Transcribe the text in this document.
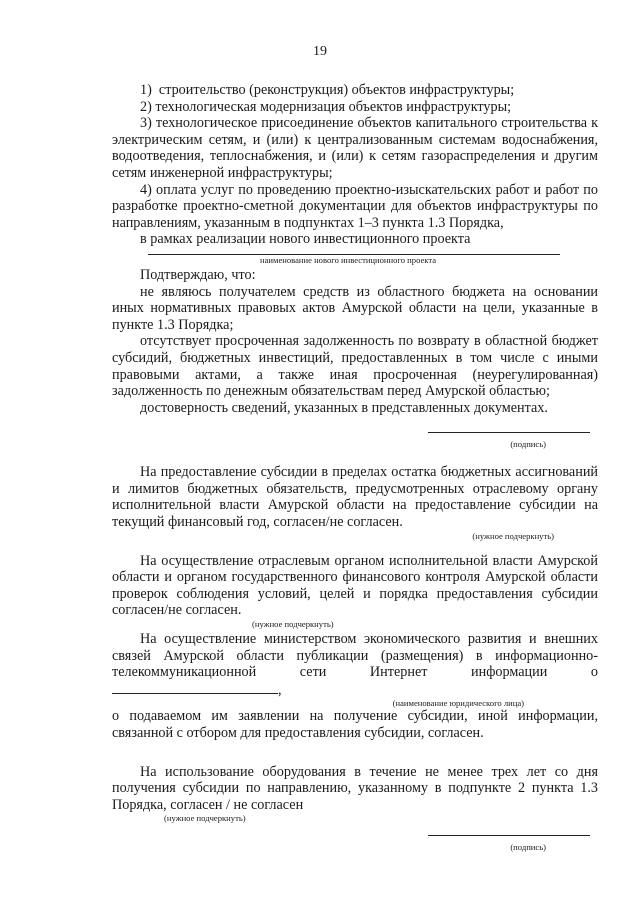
19

1)  строительство (реконструкция) объектов инфраструктуры;

2) технологическая модернизация объектов инфраструктуры;

3) технологическое присоединение объектов капитального строительства к электрическим сетям, и (или) к централизованным системам водоснабжения, водоотведения, теплоснабжения, и (или) к сетям газораспределения и другим сетям инженерной инфраструктуры;

4) оплата услуг по проведению проектно-изыскательских работ и работ по разработке проектно-сметной документации для объектов инфраструктуры по направлениям, указанным в подпунктах 1–3 пункта 1.3 Порядка,

в рамках реализации нового инвестиционного проекта

наименование нового инвестиционного проекта

Подтверждаю, что:

не являюсь получателем средств из областного бюджета на основании иных нормативных правовых актов Амурской области на цели, указанные в пункте 1.3 Порядка;

отсутствует просроченная задолженность по возврату в областной бюджет субсидий, бюджетных инвестиций, предоставленных в том числе с иными правовыми актами, а также иная просроченная (неурегулированная) задолженность по денежным обязательствам перед Амурской областью;

достоверность сведений, указанных в представленных документах.

(подпись)

На предоставление субсидии в пределах остатка бюджетных ассигнований и лимитов бюджетных обязательств, предусмотренных отраслевому органу исполнительной власти Амурской области на предоставление субсидии на текущий финансовый год, согласен/не согласен.

(нужное подчеркнуть)

На осуществление отраслевым органом исполнительной власти Амурской области и органом государственного финансового контроля Амурской области проверок соблюдения условий, целей и порядка предоставления субсидии согласен/не согласен.

(нужное подчеркнуть)

На осуществление министерством экономического развития и внешних связей Амурской области публикации (размещения) в информационно-телекоммуникационной сети Интернет информации о ,

(наименование юридического лица)

о подаваемом им заявлении на получение субсидии, иной информации, связанной с отбором для предоставления субсидии, согласен.

На использование оборудования в течение не менее трех лет со дня получения субсидии по направлению, указанному в подпункте 2 пункта 1.3 Порядка, согласен / не согласен

(нужное подчеркнуть)
(подпись)
